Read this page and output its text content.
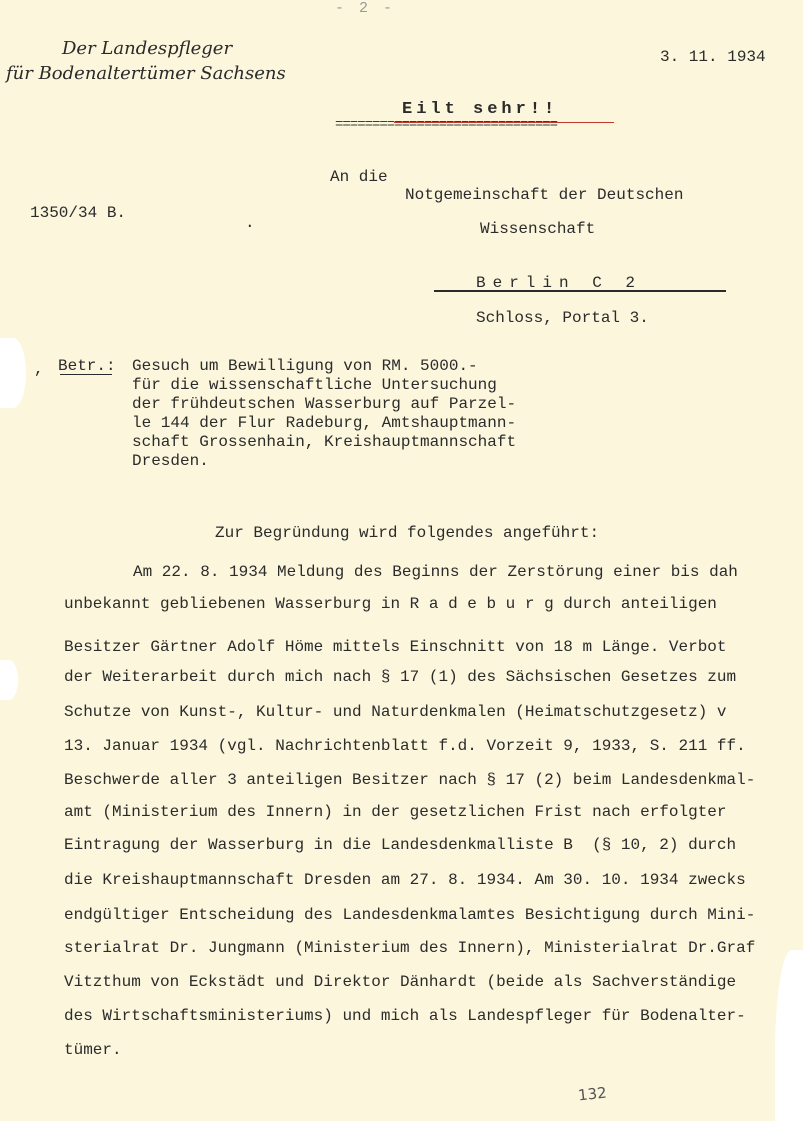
- 2 -
Der Landespfleger
für Bodenaltertümer Sachsens
3. 11. 1934
Eilt sehr!!
==============================
An die
Notgemeinschaft der Deutschen
1350/34 B.
.	Wissenschaft
Berlin C 2
Schloss, Portal 3.
, Betr.: Gesuch um Bewilligung von RM. 5000.-
für die wissenschaftliche Untersuchung
der frühdeutschen Wasserburg auf Parzel-
le 144 der Flur Radeburg, Amtshauptmann-
schaft Grossenhain, Kreishauptmannschaft
Dresden.
Zur Begründung wird folgendes angeführt:
Am 22. 8. 1934 Meldung des Beginns der Zerstörung einer bis dah
unbekannt gebliebenen Wasserburg in R a d e b u r g durch anteiligen
Besitzer Gärtner Adolf Höme mittels Einschnitt von 18 m Länge. Verbot
der Weiterarbeit durch mich nach § 17 (1) des Sächsischen Gesetzes zum
Schutze von Kunst-, Kultur- und Naturdenkmalen (Heimatschutzgesetz) v
13. Januar 1934 (vgl. Nachrichtenblatt f.d. Vorzeit 9, 1933, S. 211 ff.
Beschwerde aller 3 anteiligen Besitzer nach § 17 (2) beim Landesdenkmal-
amt (Ministerium des Innern) in der gesetzlichen Frist nach erfolgter
Eintragung der Wasserburg in die Landesdenkmalliste B  (§ 10, 2) durch
die Kreishauptmannschaft Dresden am 27. 8. 1934. Am 30. 10. 1934 zwecks
endgültiger Entscheidung des Landesdenkmalamtes Besichtigung durch Mini-
sterialrat Dr. Jungmann (Ministerium des Innern), Ministerialrat Dr.Graf
Vitzthum von Eckstädt und Direktor Dänhardt (beide als Sachverständige
des Wirtschaftsministeriums) und mich als Landespfleger für Bodenalter-
tümer.
132
